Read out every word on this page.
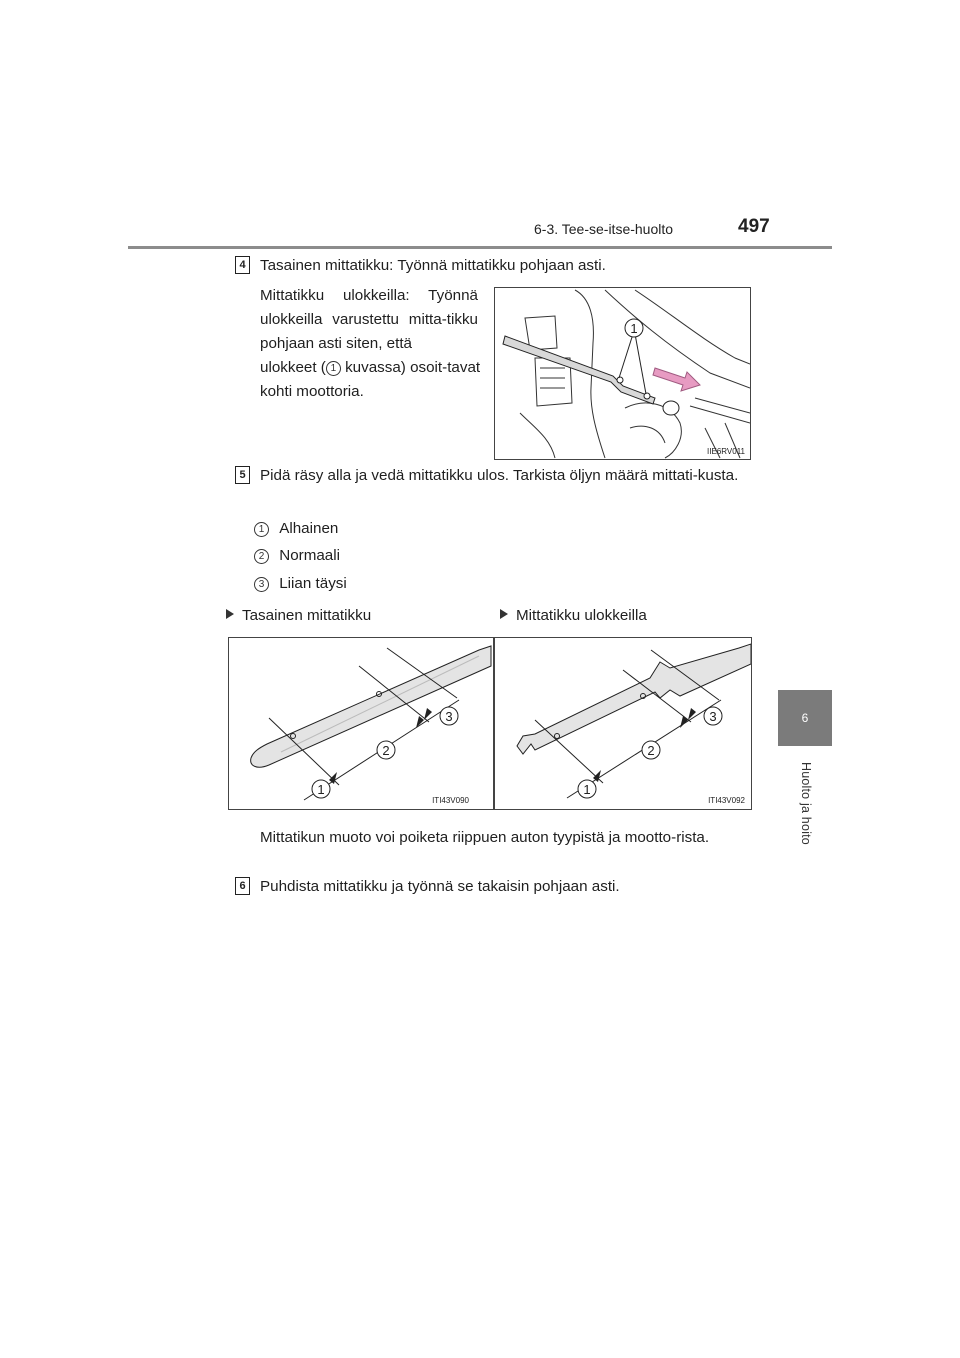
6-3. Tee-se-itse-huolto	497
6
Huolto ja hoito
4 Tasainen mittatikku: Työnnä mittatikku pohjaan asti.
Mittatikku ulokkeilla: Työnnä ulokkeilla varustettu mitta-tikku pohjaan asti siten, että
ulokkeet ( 1 kuvassa) osoit-tavat kohti moottoria.
1
IIE6RV011
5 Pidä räsy alla ja vedä mittatikku ulos. Tarkista öljyn määrä mittati-kusta.
1 Alhainen
2 Normaali
3 Liian täysi
Tasainen mittatikku	Mittatikku ulokkeilla
1
2
3
ITI43V090
1
2
3
ITI43V092
Mittatikun muoto voi poiketa riippuen auton tyypistä ja mootto-rista.
6 Puhdista mittatikku ja työnnä se takaisin pohjaan asti.
